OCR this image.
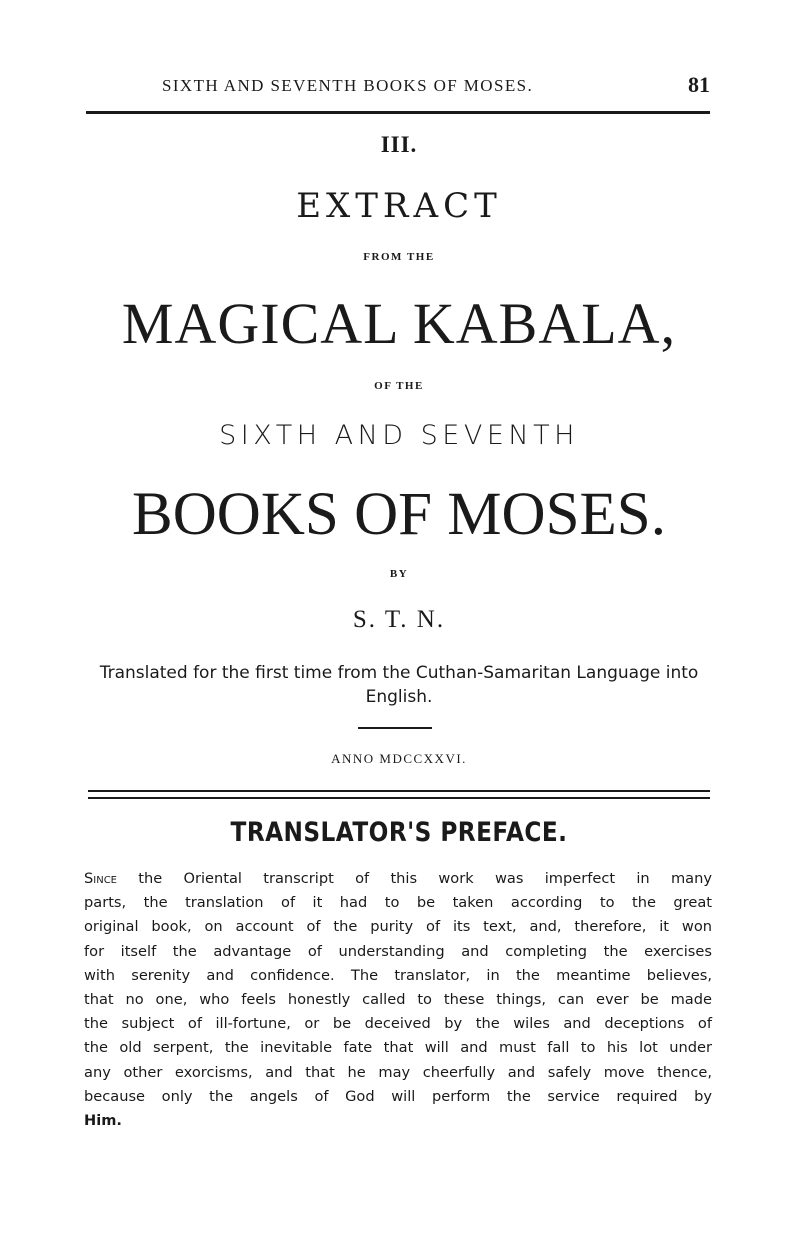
SIXTH AND SEVENTH BOOKS OF MOSES.	81
III.
EXTRACT
FROM THE
MAGICAL KABALA,
OF THE
SIXTH AND SEVENTH
BOOKS OF MOSES.
BY
S. T. N.
Translated for the first time from the Cuthan-Samaritan Language into
English.
ANNO MDCCXXVI.
TRANSLATOR'S PREFACE.
Since the Oriental transcript of this work was imperfect in many
parts, the translation of it had to be taken according to the great
original book, on account of the purity of its text, and, therefore, it won
for itself the advantage of understanding and completing the exercises
with serenity and confidence. The translator, in the meantime believes,
that no one, who feels honestly called to these things, can ever be made
the subject of ill-fortune, or be deceived by the wiles and deceptions of
the old serpent, the inevitable fate that will and must fall to his lot under
any other exorcisms, and that he may cheerfully and safely move thence,
because only the angels of God will perform the service required by
Him.
